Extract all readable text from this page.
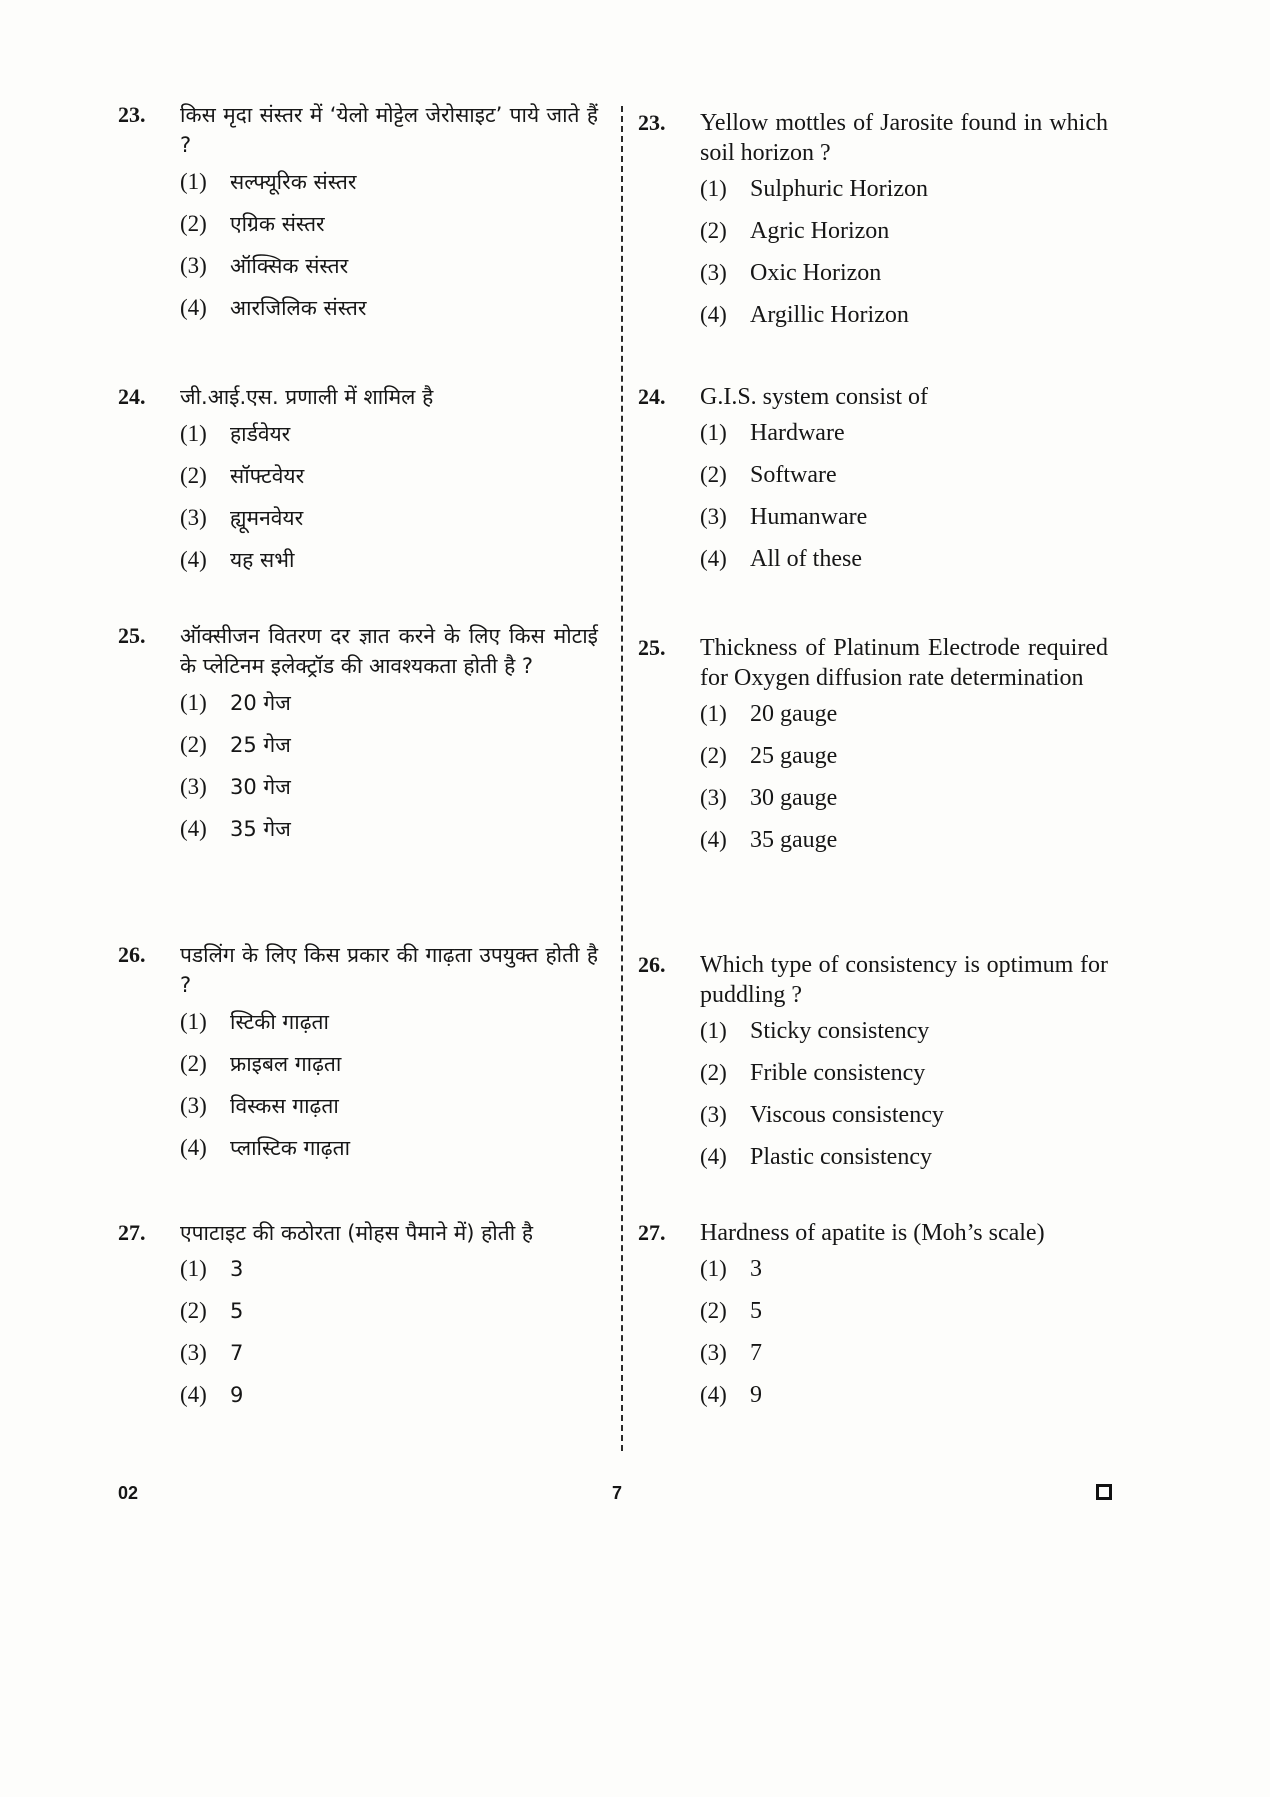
23. किस मृदा संस्तर में ‘येलो मोट्टेल जेरोसाइट’ पाये जाते हैं ?
(1)	सल्फ्यूरिक संस्तर
(2)	एग्रिक संस्तर
(3)	ऑक्सिक संस्तर
(4)	आरजिलिक संस्तर
24. जी.आई.एस. प्रणाली में शामिल है
(1)	हार्डवेयर
(2)	सॉफ्टवेयर
(3)	ह्यूमनवेयर
(4)	यह सभी
25. ऑक्सीजन वितरण दर ज्ञात करने के लिए किस मोटाई के प्लेटिनम इलेक्ट्रॉड की आवश्यकता होती है ?
(1)	20 गेज
(2)	25 गेज
(3)	30 गेज
(4)	35 गेज
26. पडलिंग के लिए किस प्रकार की गाढ़ता उपयुक्त होती है ?
(1)	स्टिकी गाढ़ता
(2)	फ्राइबल गाढ़ता
(3)	विस्कस गाढ़ता
(4)	प्लास्टिक गाढ़ता
27. एपाटाइट की कठोरता (मोहस पैमाने में) होती है
(1)	3
(2)	5
(3)	7
(4)	9
23. Yellow mottles of Jarosite found in which soil horizon ?
(1) Sulphuric Horizon
(2) Agric Horizon
(3) Oxic Horizon
(4) Argillic Horizon
24. G.I.S. system consist of
(1) Hardware
(2) Software
(3) Humanware
(4) All of these
25. Thickness of Platinum Electrode required for Oxygen diffusion rate determination
(1) 20 gauge
(2) 25 gauge
(3) 30 gauge
(4) 35 gauge
26. Which type of consistency is optimum for puddling ?
(1) Sticky consistency
(2) Frible consistency
(3) Viscous consistency
(4) Plastic consistency
27. Hardness of apatite is (Moh’s scale)
(1) 3
(2) 5
(3) 7
(4) 9
02	7
